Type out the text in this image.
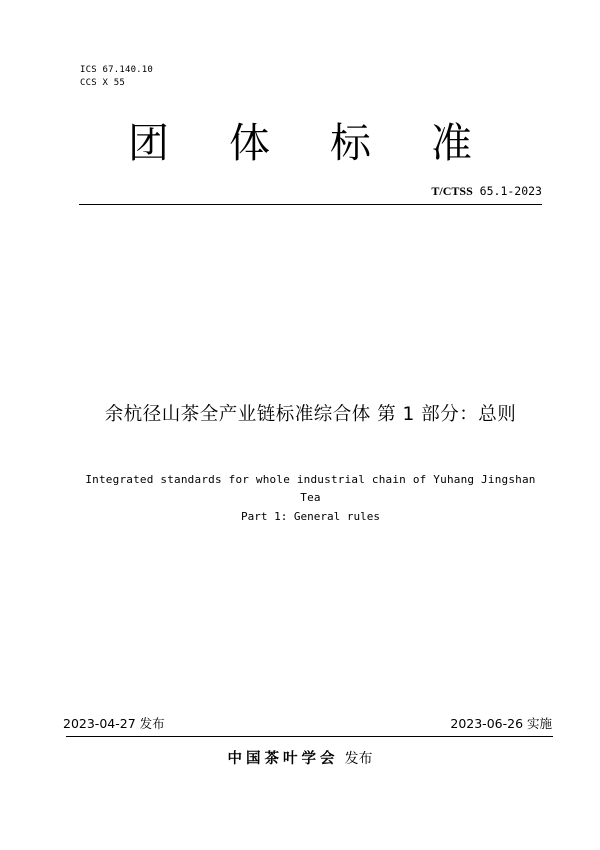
ICS 67.140.10
CCS X 55
团体标准
T/CTSS 65.1-2023
余杭径山茶全产业链标准综合体 第 1 部分：总则
Integrated standards for whole industrial chain of Yuhang Jingshan Tea
Part 1: General rules
2023-04-27 发布	2023-06-26 实施
中国茶叶学会 发布
